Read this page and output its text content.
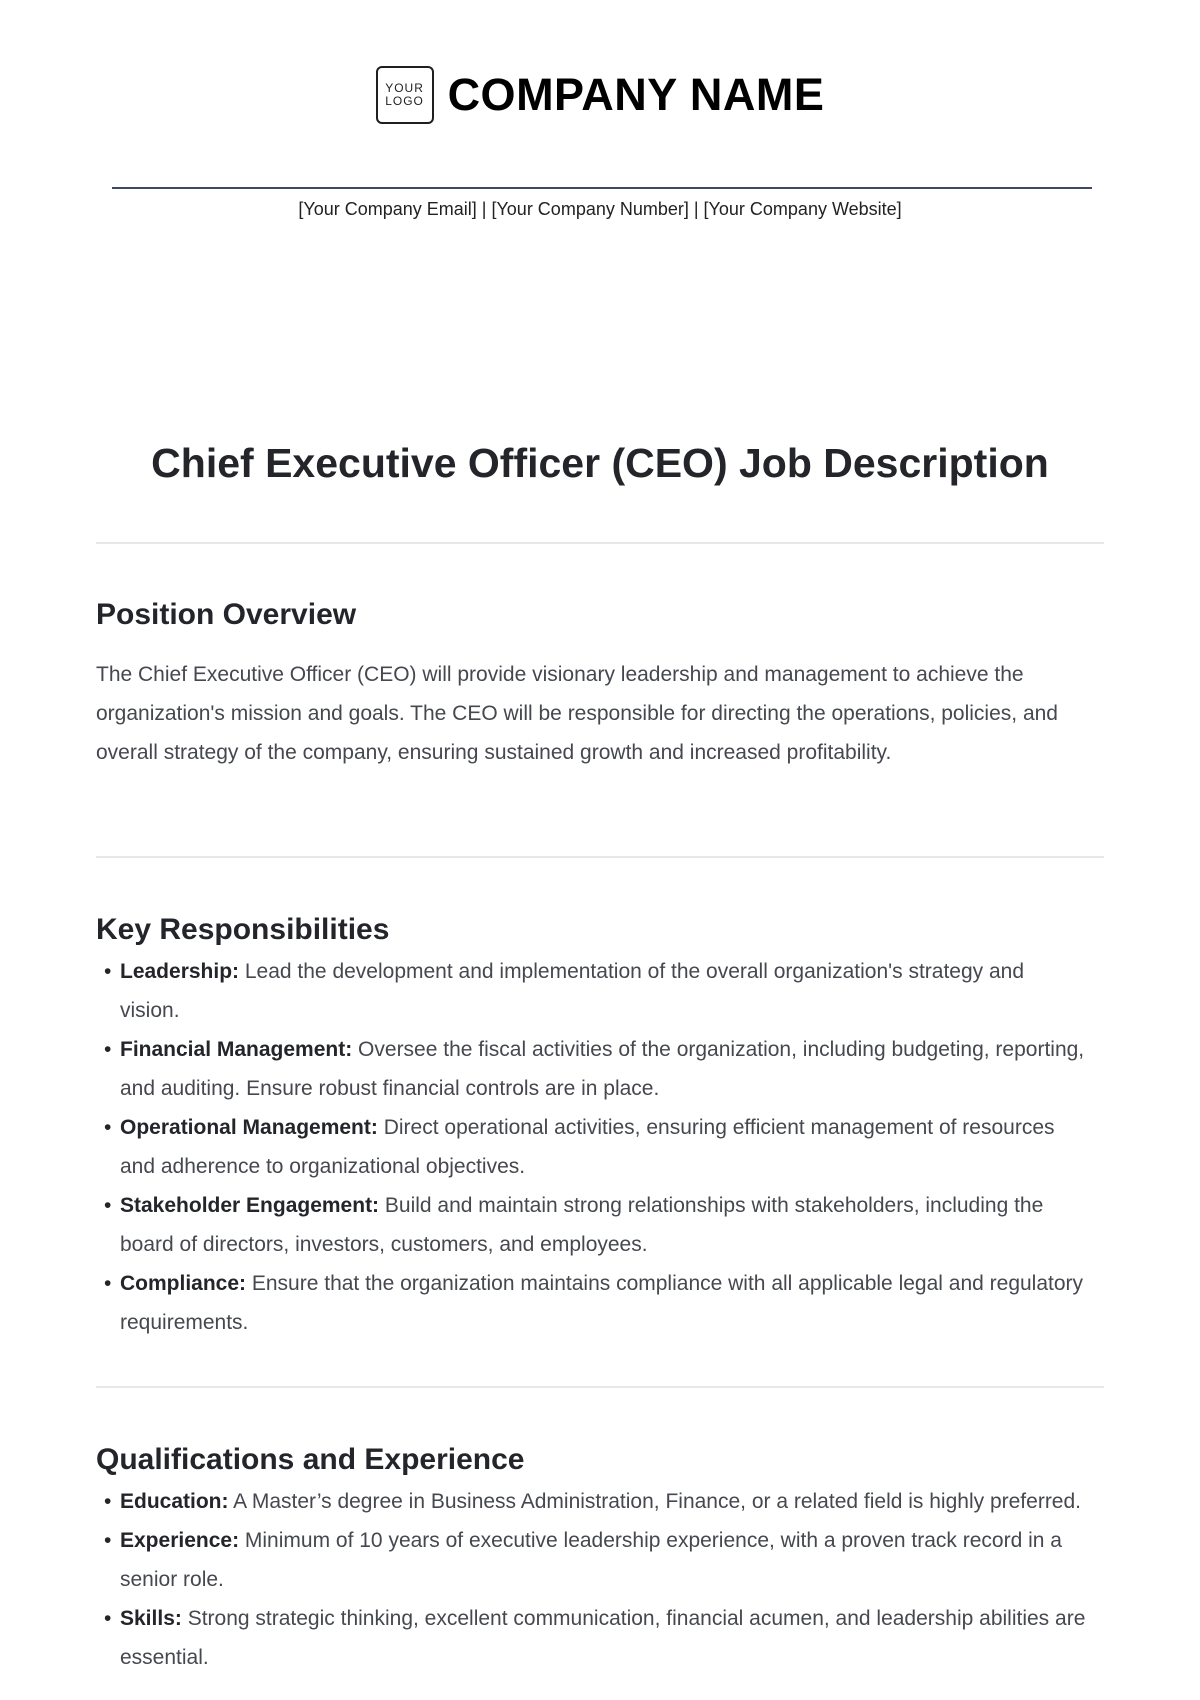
YOUR
LOGO COMPANY NAME
[Your Company Email] | [Your Company Number] | [Your Company Website]
Chief Executive Officer (CEO) Job Description
Position Overview

The Chief Executive Officer (CEO) will provide visionary leadership and management to achieve the organization's mission and goals. The CEO will be responsible for directing the operations, policies, and overall strategy of the company, ensuring sustained growth and increased profitability.

Key Responsibilities
• Leadership: Lead the development and implementation of the overall organization's strategy and vision.
• Financial Management: Oversee the fiscal activities of the organization, including budgeting, reporting, and auditing. Ensure robust financial controls are in place.
• Operational Management: Direct operational activities, ensuring efficient management of resources and adherence to organizational objectives.
• Stakeholder Engagement: Build and maintain strong relationships with stakeholders, including the board of directors, investors, customers, and employees.
• Compliance: Ensure that the organization maintains compliance with all applicable legal and regulatory requirements.
Qualifications and Experience
• Education: A Master’s degree in Business Administration, Finance, or a related field is highly preferred.
• Experience: Minimum of 10 years of executive leadership experience, with a proven track record in a senior role.
• Skills: Strong strategic thinking, excellent communication, financial acumen, and leadership abilities are essential.
